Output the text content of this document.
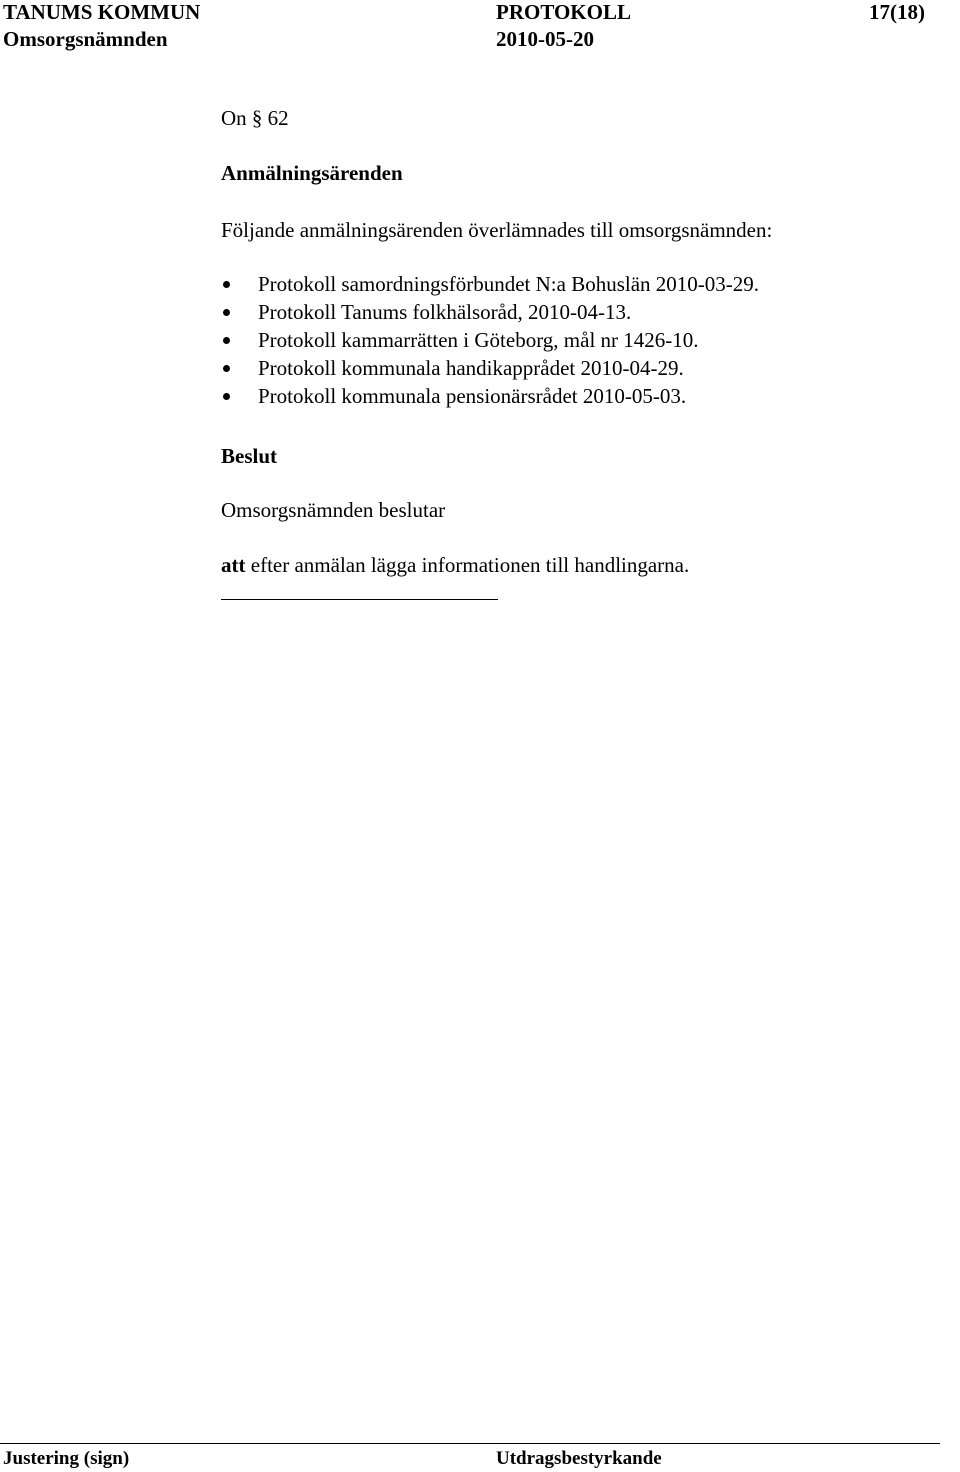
TANUMS KOMMUN	PROTOKOLL	17(18)
Omsorgsnämnden	2010-05-20
On § 62
Anmälningsärenden
Följande anmälningsärenden överlämnades till omsorgsnämnden:
Protokoll samordningsförbundet N:a Bohuslän 2010-03-29.
Protokoll Tanums folkhälsoråd, 2010-04-13.
Protokoll kammarrätten i Göteborg, mål nr 1426-10.
Protokoll kommunala handikapprådet 2010-04-29.
Protokoll kommunala pensionärsrådet 2010-05-03.
Beslut
Omsorgsnämnden beslutar
att efter anmälan lägga informationen till handlingarna.
Justering (sign)	Utdragsbestyrkande
